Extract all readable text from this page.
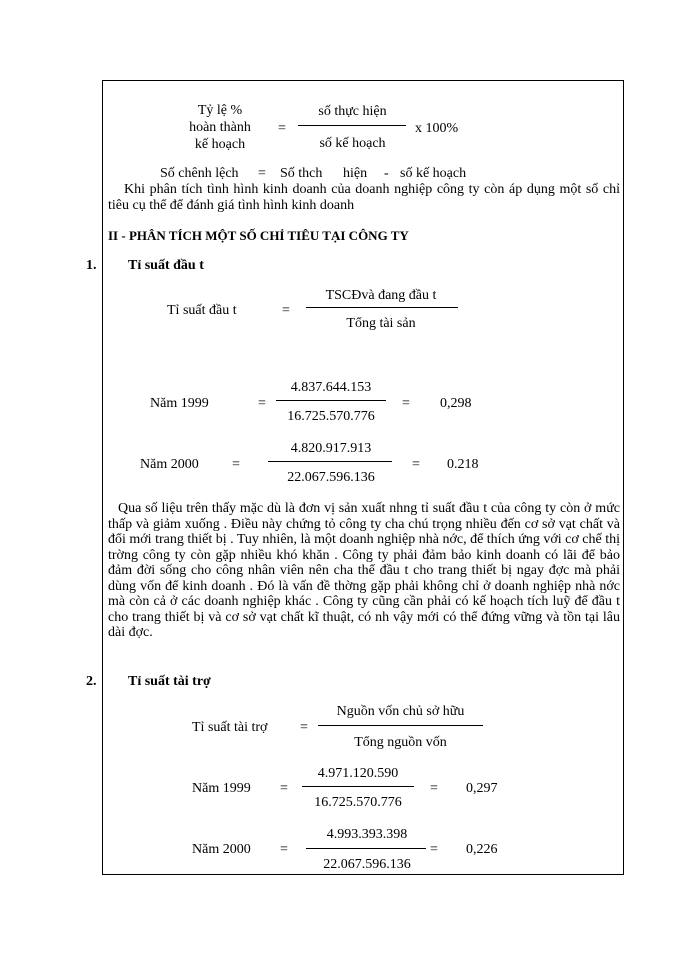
Tỷ lệ %
hoàn thành
kế hoạch
=
số thực hiện
số kế hoạch
x 100%
Số chênh lệch = Số thch hiện - số kế hoạch
Khi phân tích tình hình kinh doanh của doanh nghiệp công ty còn áp dụng một số chỉ tiêu cụ thể để đánh giá tình hình kinh doanh
II - PHÂN TÍCH MỘT SỐ CHỈ TIÊU TẠI CÔNG TY
1. Tỉ suất đầu t
Tỉ suất đầu t	=
TSCĐvà đang đầu t
Tổng tài sản
Năm 1999	=
4.837.644.153
16.725.570.776
= 0,298
Năm 2000 =
4.820.917.913
22.067.596.136
= 0.218
Qua số liệu trên thấy mặc dù là đơn vị sản xuất nhng tỉ suất đầu t của công ty còn ở mức thấp và giảm xuống . Điều này chứng tỏ công ty cha chú trọng nhiều đến cơ sở vạt chất và đổi mới trang thiết bị . Tuy nhiên, là một doanh nghiệp nhà nớc, để thích ứng với cơ chế thị trờng công ty còn gặp nhiều khó khăn . Công ty phải đảm bảo kinh doanh có lãi để bảo đảm đời sống cho công nhân viên nên cha thể đầu t cho trang thiết bị ngay đợc mà phải dùng vốn để kinh doanh . Đó là vấn đề thờng gặp phải không chỉ ở doanh nghiệp nhà nớc mà còn cả ở các doanh nghiệp khác . Công ty cũng cần phải có kế hoạch tích luỹ để đầu t cho trang thiết bị và cơ sở vạt chất kĩ thuật, có nh vậy mới có thể đứng vững và tồn tại lâu dài đợc.
2. Tỉ suất tài trợ
Tỉ suất tài trợ =
Nguồn vốn chủ sở hữu
Tổng nguồn vốn
Năm 1999 =
4.971.120.590
16.725.570.776
= 0,297
Năm 2000 =
4.993.393.398
22.067.596.136
= 0,226
